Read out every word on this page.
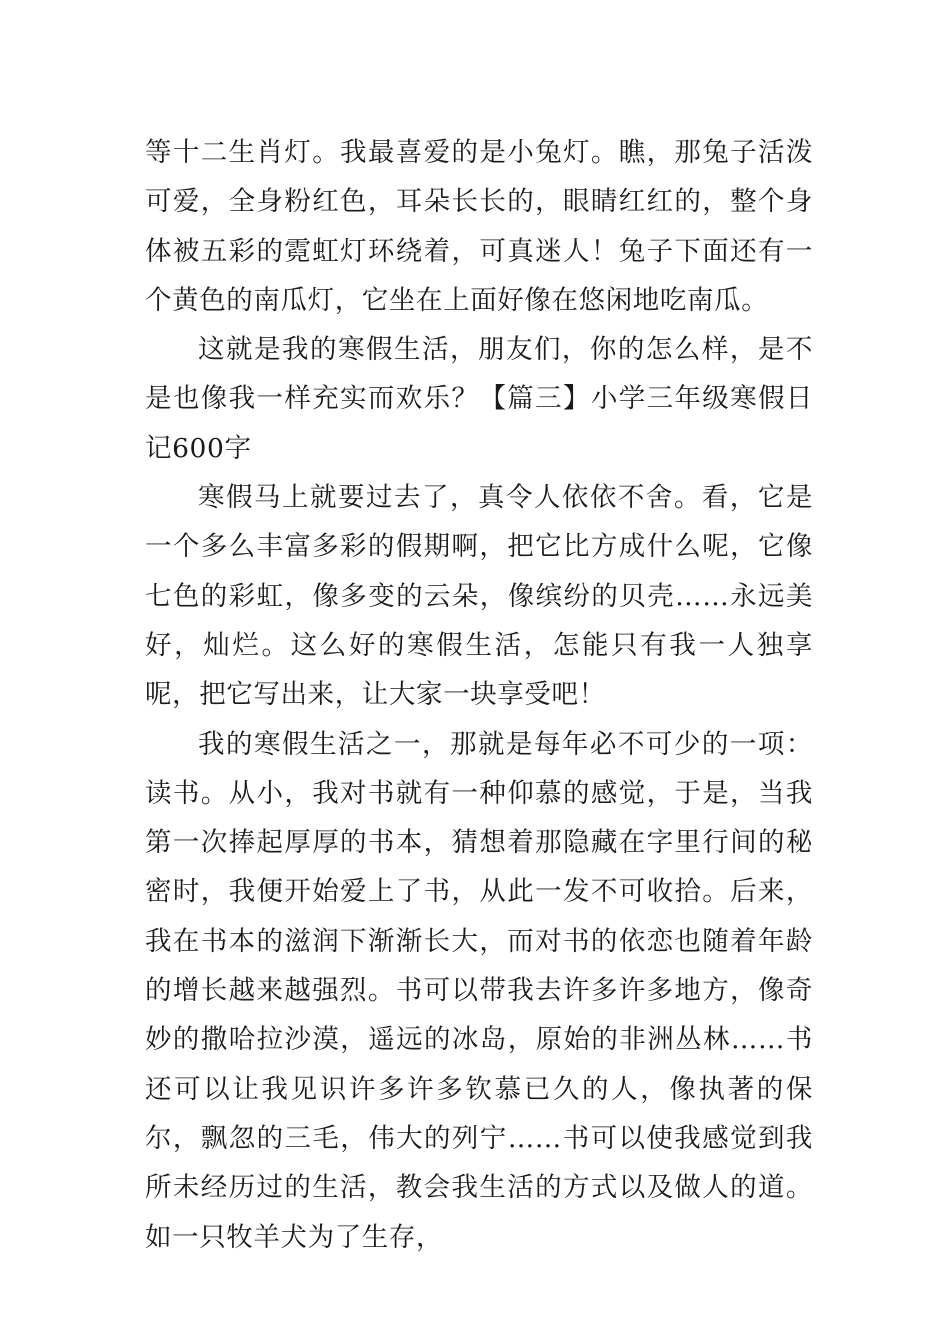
等十二生肖灯。我最喜爱的是小兔灯。瞧，那兔子活泼可爱，全身粉红色，耳朵长长的，眼睛红红的，整个身体被五彩的霓虹灯环绕着，可真迷人！兔子下面还有一个黄色的南瓜灯，它坐在上面好像在悠闲地吃南瓜。

这就是我的寒假生活，朋友们，你的怎么样，是不是也像我一样充实而欢乐？【篇三】小学三年级寒假日记600字

寒假马上就要过去了，真令人依依不舍。看，它是一个多么丰富多彩的假期啊，把它比方成什么呢，它像七色的彩虹，像多变的云朵，像缤纷的贝壳……永远美好，灿烂。这么好的寒假生活，怎能只有我一人独享呢，把它写出来，让大家一块享受吧！

我的寒假生活之一，那就是每年必不可少的一项：读书。从小，我对书就有一种仰慕的感觉，于是，当我第一次捧起厚厚的书本，猜想着那隐藏在字里行间的秘密时，我便开始爱上了书，从此一发不可收拾。后来，我在书本的滋润下渐渐长大，而对书的依恋也随着年龄的增长越来越强烈。书可以带我去许多许多地方，像奇妙的撒哈拉沙漠，遥远的冰岛，原始的非洲丛林……书还可以让我见识许多许多钦慕已久的人，像执著的保尔，飘忽的三毛，伟大的列宁……书可以使我感觉到我所未经历过的生活，教会我生活的方式以及做人的道。如一只牧羊犬为了生存，
